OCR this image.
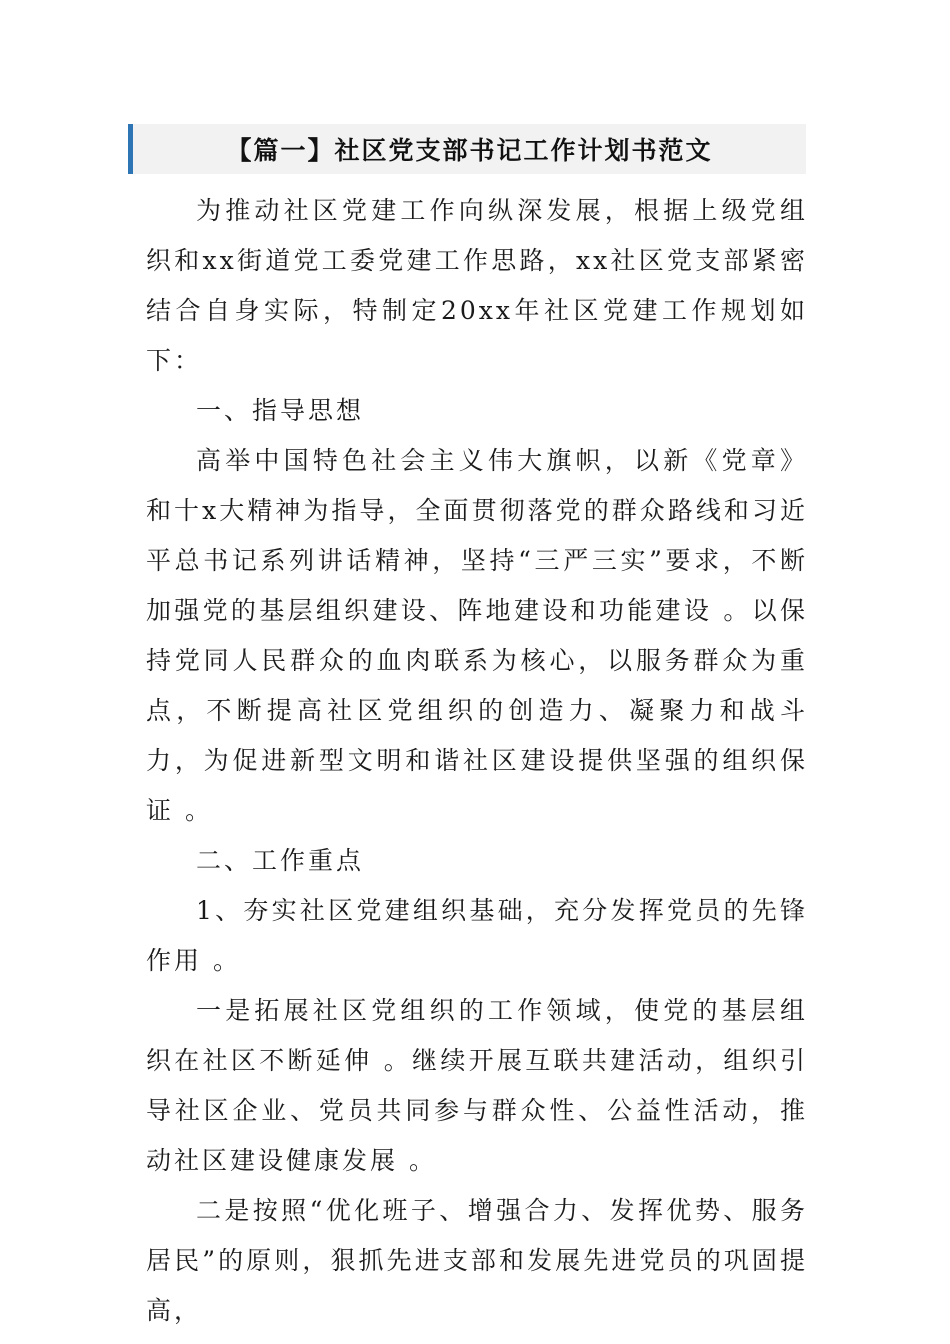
【篇一】社区党支部书记工作计划书范文

为推动社区党建工作向纵深发展，根据上级党组织和xx街道党工委党建工作思路，xx社区党支部紧密结合自身实际，特制定20xx年社区党建工作规划如下：

一、指导思想

高举中国特色社会主义伟大旗帜，以新《党章》和十x大精神为指导，全面贯彻落党的群众路线和习近平总书记系列讲话精神，坚持“三严三实”要求，不断加强党的基层组织建设、阵地建设和功能建设 。以保持党同人民群众的血肉联系为核心，以服务群众为重点，不断提高社区党组织的创造力、凝聚力和战斗力，为促进新型文明和谐社区建设提供坚强的组织保证 。

二、工作重点

1、夯实社区党建组织基础，充分发挥党员的先锋作用 。

一是拓展社区党组织的工作领域，使党的基层组织在社区不断延伸 。继续开展互联共建活动，组织引导社区企业、党员共同参与群众性、公益性活动，推动社区建设健康发展 。

二是按照“优化班子、增强合力、发挥优势、服务居民”的原则，狠抓先进支部和发展先进党员的巩固提高，
